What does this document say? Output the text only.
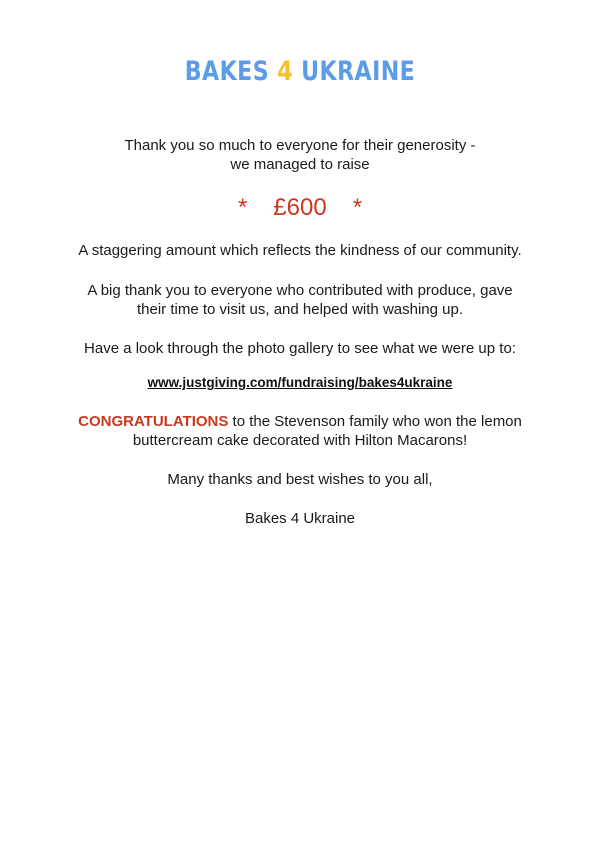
BAKES 4 UKRAINE

Thank you so much to everyone for their generosity -

we managed to raise

* £600 *

A staggering amount which reflects the kindness of our community.

A big thank you to everyone who contributed with produce, gave

their time to visit us, and helped with washing up.

Have a look through the photo gallery to see what we were up to:

www.justgiving.com/fundraising/bakes4ukraine

CONGRATULATIONS to the Stevenson family who won the lemon

buttercream cake decorated with Hilton Macarons!

Many thanks and best wishes to you all,

Bakes 4 Ukraine
